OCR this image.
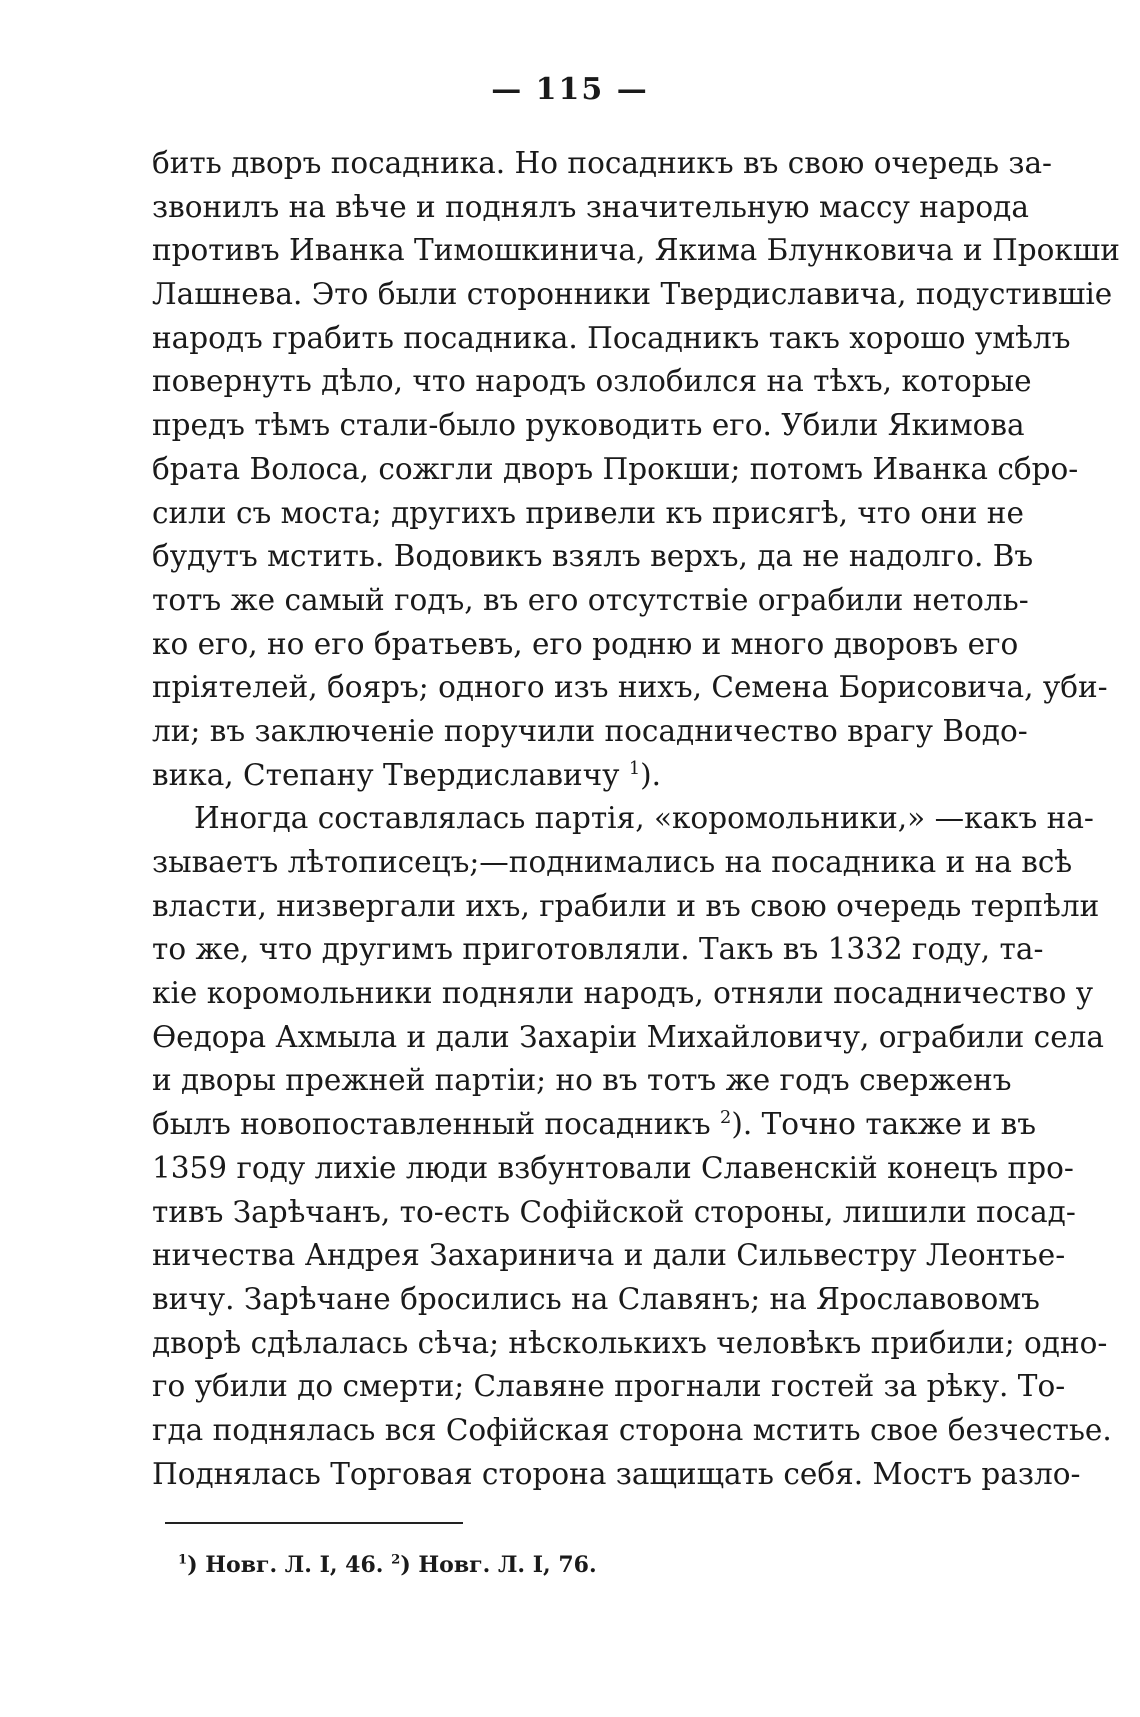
— 115 —
бить дворъ посадника. Но посадникъ въ свою очередь за-
звонилъ на вѣче и поднялъ значительную массу народа
противъ Иванка Тимошкинича, Якима Блунковича и Прокши
Лашнева. Это были сторонники Твердиславича, подустившіе
народъ грабить посадника. Посадникъ такъ хорошо умѣлъ
повернуть дѣло, что народъ озлобился на тѣхъ, которые
предъ тѣмъ стали-было руководить его. Убили Якимова
брата Волоса, сожгли дворъ Прокши; потомъ Иванка сбро-
сили съ моста; другихъ привели къ присягѣ, что они не
будутъ мстить. Водовикъ взялъ верхъ, да не надолго. Въ
тотъ же самый годъ, въ его отсутствіе ограбили нетоль-
ко его, но его братьевъ, его родню и много дворовъ его
пріятелей, бояръ; одного изъ нихъ, Семена Борисовича, уби-
ли; въ заключеніе поручили посадничество врагу Водо-
вика, Степану Твердиславичу $^1$).
Иногда составлялась партія, «коромольники,» —какъ на-
зываетъ лѣтописецъ;—поднимались на посадника и на всѣ
власти, низвергали ихъ, грабили и въ свою очередь терпѣли
то же, что другимъ приготовляли. Такъ въ 1332 году, та-
кіе коромольники подняли народъ, отняли посадничество у
Ѳедора Ахмыла и дали Захаріи Михайловичу, ограбили села
и дворы прежней партіи; но въ тотъ же годъ сверженъ
былъ новопоставленный посадникъ $^2$). Точно также и въ
1359 году лихіе люди взбунтовали Славенскій конецъ про-
тивъ Зарѣчанъ, то-есть Софійской стороны, лишили посад-
ничества Андрея Захаринича и дали Сильвестру Леонтье-
вичу. Зарѣчане бросились на Славянъ; на Ярославовомъ
дворѣ сдѣлалась сѣча; нѣсколькихъ человѣкъ прибили; одно-
го убили до смерти; Славяне прогнали гостей за рѣку. То-
гда поднялась вся Софійская сторона мстить свое безчестье.
Поднялась Торговая сторона защищать себя. Мостъ разло-
$^1$) Новг. Л. I, 46. $^2$) Новг. Л. I, 76.
